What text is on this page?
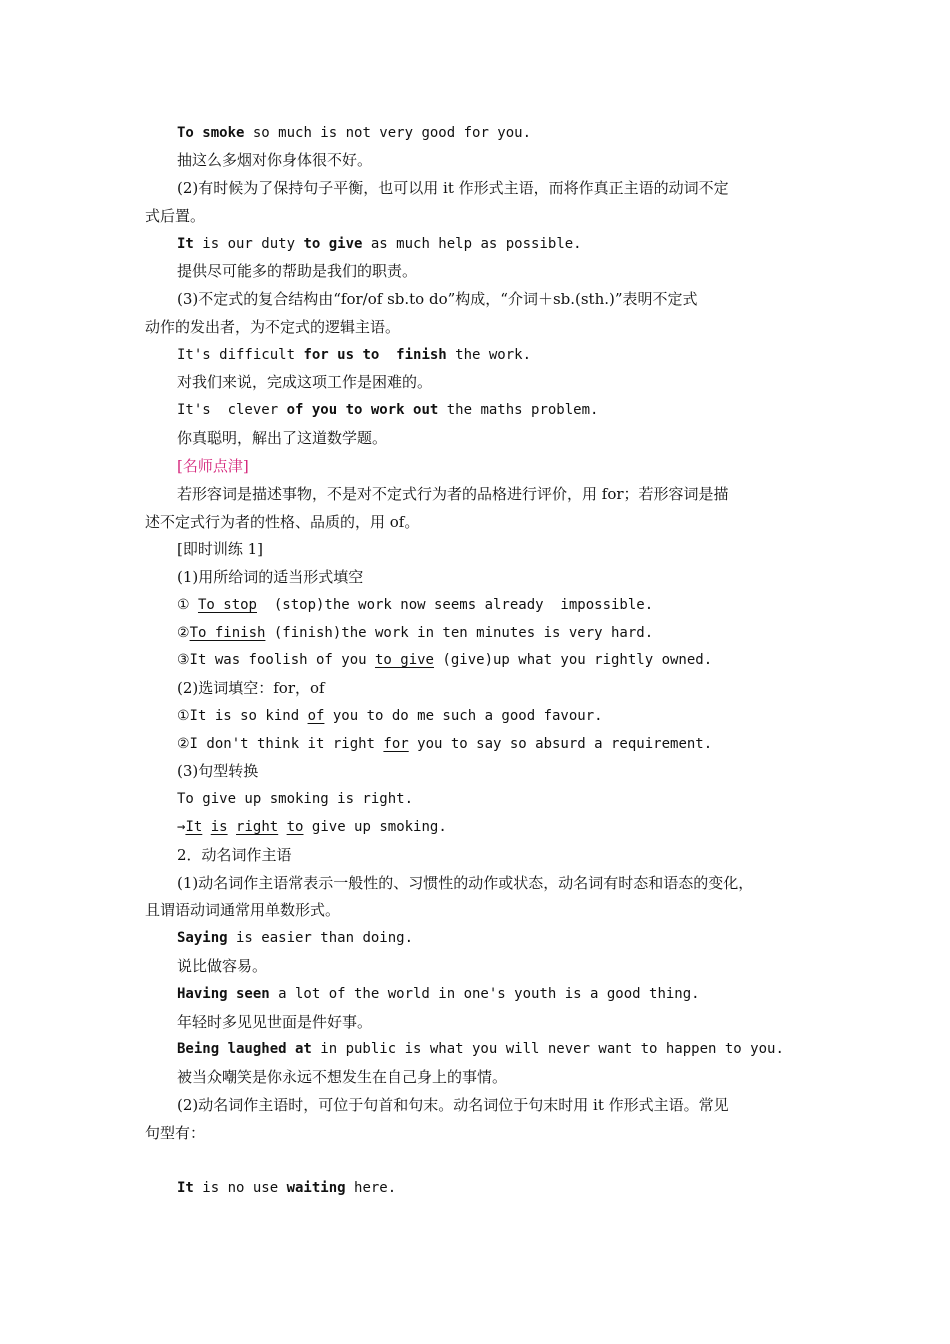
To smoke so much is not very good for you.
抽这么多烟对你身体很不好。
(2)有时候为了保持句子平衡，也可以用 it 作形式主语，而将作真正主语的动词不定
式后置。
It is our duty to give as much help as possible.
提供尽可能多的帮助是我们的职责。
(3)不定式的复合结构由“for/of sb.to do”构成，“介词＋sb.(sth.)”表明不定式
动作的发出者，为不定式的逻辑主语。
It's difficult for us to  finish the work.
对我们来说，完成这项工作是困难的。
It's  clever of you to work out the maths problem.
你真聪明，解出了这道数学题。
[名师点津]
若形容词是描述事物，不是对不定式行为者的品格进行评价，用 for；若形容词是描
述不定式行为者的性格、品质的，用 of。
[即时训练 1]
(1)用所给词的适当形式填空
① To stop  (stop)the work now seems already  impossible.
②To finish (finish)the work in ten minutes is very hard.
③It was foolish of you to give (give)up what you rightly owned.
(2)选词填空：for，of
①It is so kind of you to do me such a good favour.
②I don't think it right for you to say so absurd a requirement.
(3)句型转换
To give up smoking is right.
→It is right to give up smoking.
2．动名词作主语
(1)动名词作主语常表示一般性的、习惯性的动作或状态，动名词有时态和语态的变化，
且谓语动词通常用单数形式。
Saying is easier than doing.
说比做容易。
Having seen a lot of the world in one's youth is a good thing.
年轻时多见见世面是件好事。
Being laughed at in public is what you will never want to happen to you.
被当众嘲笑是你永远不想发生在自己身上的事情。
(2)动名词作主语时，可位于句首和句末。动名词位于句末时用 it 作形式主语。常见
句型有：
It is no use waiting here.
